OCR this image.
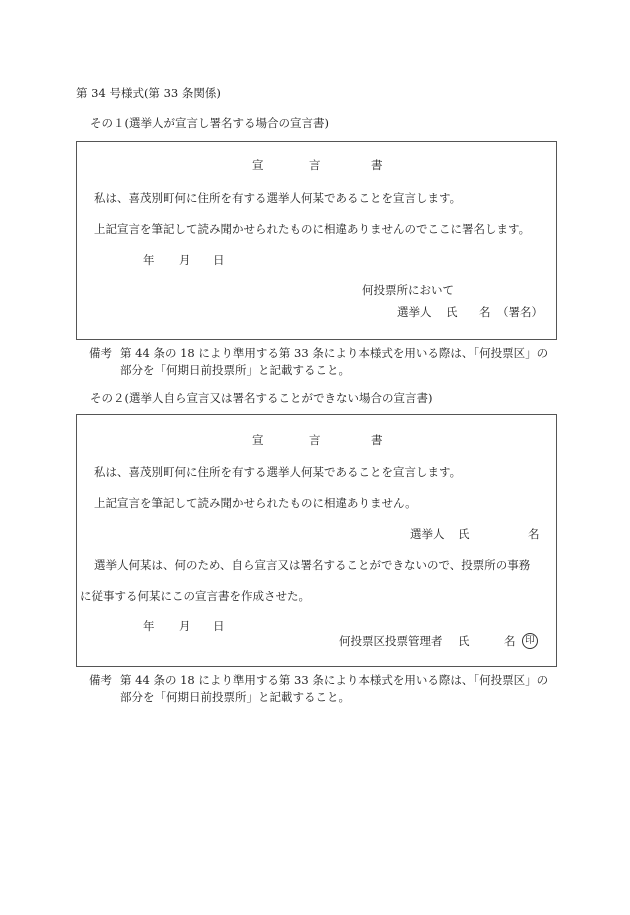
第 34 号様式(第 33 条関係)
その１(選挙人が宣言し署名する場合の宣言書)
宣	言	書
私は、喜茂別町何に住所を有する選挙人何某であることを宣言します。
上記宣言を筆記して読み聞かせられたものに相違ありませんのでここに署名します。
年 月 日
何投票所において
選挙人 氏 名 （署名）
備考 第 44 条の 18 により準用する第 33 条により本様式を用いる際は、「何投票区」の
部分を「何期日前投票所」と記載すること。
その２(選挙人自ら宣言又は署名することができない場合の宣言書)
宣	言	書
私は、喜茂別町何に住所を有する選挙人何某であることを宣言します。
上記宣言を筆記して読み聞かせられたものに相違ありません。
選挙人 氏	名
選挙人何某は、何のため、自ら宣言又は署名することができないので、投票所の事務
に従事する何某にこの宣言書を作成させた。
年 月 日
何投票区投票管理者 氏	名	印
備考 第 44 条の 18 により準用する第 33 条により本様式を用いる際は、「何投票区」の
部分を「何期日前投票所」と記載すること。
